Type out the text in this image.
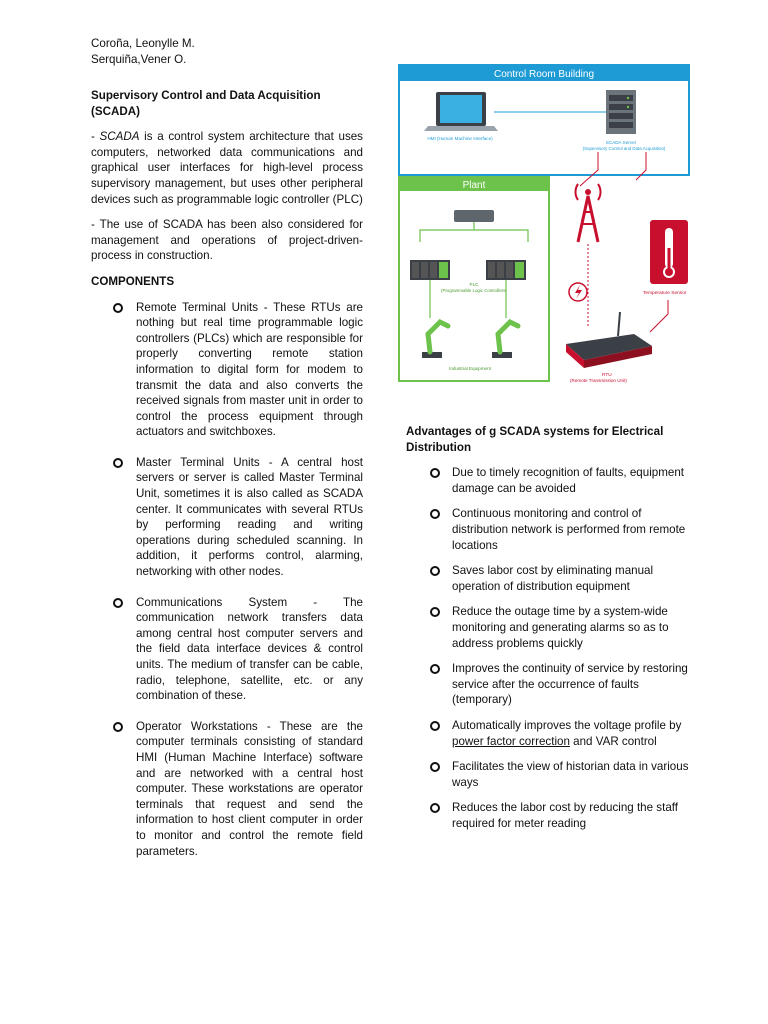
Coroña, Leonylle M.
Serquiña,Vener O.
Supervisory Control and Data Acquisition (SCADA)

- SCADA is a control system architecture that uses computers, networked data communications and graphical user interfaces for high-level process supervisory management, but uses other peripheral devices such as programmable logic controller (PLC)

- The use of SCADA has been also considered for management and operations of project-driven-process in construction.

COMPONENTS
Remote Terminal Units - These RTUs are nothing but real time programmable logic controllers (PLCs) which are responsible for properly converting remote station information to digital form for modem to transmit the data and also converts the received signals from master unit in order to control the process equipment through actuators and switchboxes.
Master Terminal Units - A central host servers or server is called Master Terminal Unit, sometimes it is also called as SCADA center. It communicates with several RTUs by performing reading and writing operations during scheduled scanning. In addition, it performs control, alarming, networking with other nodes.
Communications System - The communication network transfers data among central host computer servers and the field data interface devices & control units. The medium of transfer can be cable, radio, telephone, satellite, etc. or any combination of these.
Operator Workstations - These are the computer terminals consisting of standard HMI (Human Machine Interface) software and are networked with a central host computer. These workstations are operator terminals that request and send the information to host client computer in order to monitor and control the remote field parameters.
Control Room Building
HMI (Human Machine Interface)
SCADA Server
(Supervisory Control and Data Acquisition)
Plant
PLC
(Programmable Logic Controllers)
Industrial Equipment
Temperature Sensor
RTU
(Remote Transmission Unit)
Advantages of g SCADA systems for Electrical Distribution
Due to timely recognition of faults, equipment damage can be avoided
Continuous monitoring and control of distribution network is performed from remote locations
Saves labor cost by eliminating manual operation of distribution equipment
Reduce the outage time by a system-wide monitoring and generating alarms so as to address problems quickly
Improves the continuity of service by restoring service after the occurrence of faults (temporary)
Automatically improves the voltage profile by power factor correction and VAR control
Facilitates the view of historian data in various ways
Reduces the labor cost by reducing the staff required for meter reading
